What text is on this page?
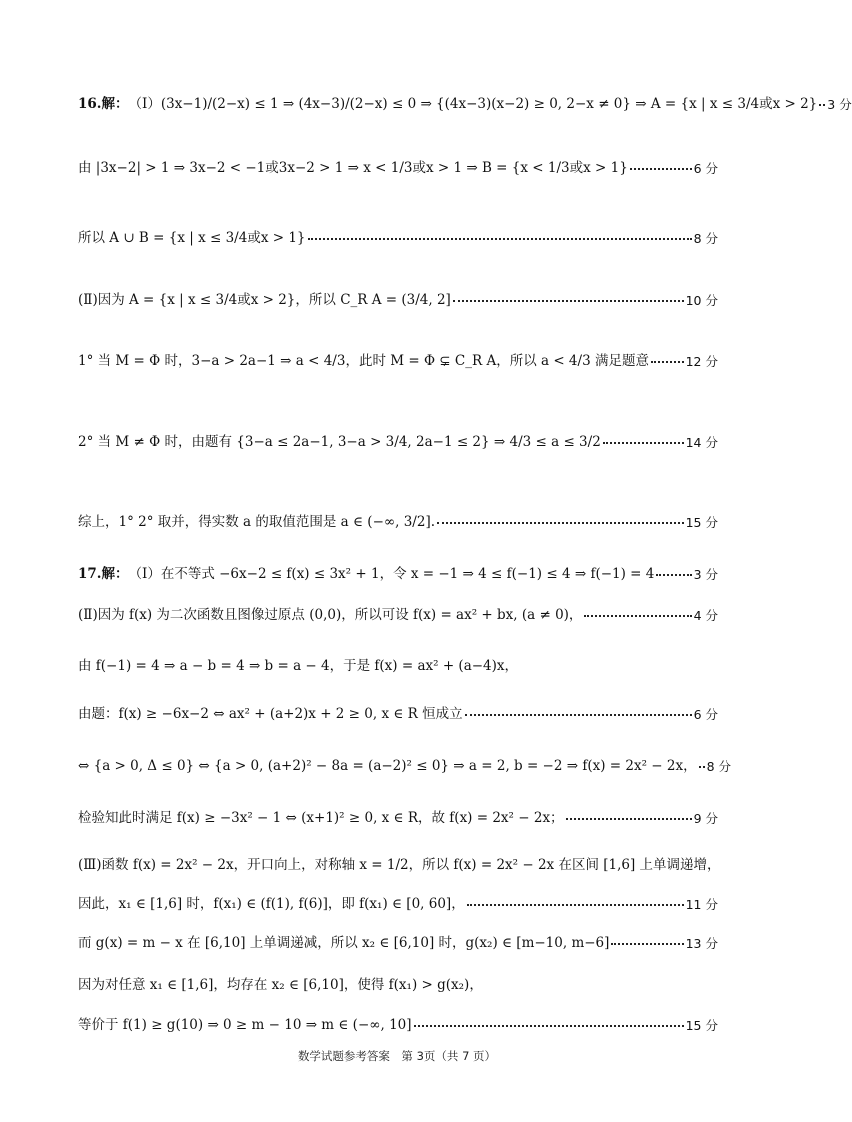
16.解： （Ⅰ）(3x−1)/(2−x) ≤ 1 ⇒ (4x−3)/(2−x) ≤ 0 ⇒ {(4x−3)(x−2) ≥ 0, 2−x ≠ 0} ⇒ A = {x | x ≤ 3/4或x > 2} 3 分
由 |3x−2| > 1 ⇒ 3x−2 < −1或3x−2 > 1 ⇒ x < 1/3或x > 1 ⇒ B = {x < 1/3或x > 1}	6 分
所以 A ∪ B = {x | x ≤ 3/4或x > 1}	8 分
(Ⅱ)因为 A = {x | x ≤ 3/4或x > 2}，所以 C_R A = (3/4, 2]	10 分
1° 当 M = Φ 时，3−a > 2a−1 ⇒ a < 4/3，此时 M = Φ ⊊ C_R A，所以 a < 4/3 满足题意	12 分
2° 当 M ≠ Φ 时，由题有 {3−a ≤ 2a−1, 3−a > 3/4, 2a−1 ≤ 2} ⇒ 4/3 ≤ a ≤ 3/2	14 分
综上，1° 2° 取并，得实数 a 的取值范围是 a ∈ (−∞, 3/2].	15 分
17.解： （Ⅰ）在不等式 −6x−2 ≤ f(x) ≤ 3x² + 1，令 x = −1 ⇒ 4 ≤ f(−1) ≤ 4 ⇒ f(−1) = 4	3 分
(Ⅱ)因为 f(x) 为二次函数且图像过原点 (0,0)，所以可设 f(x) = ax² + bx, (a ≠ 0)，	4 分
由 f(−1) = 4 ⇒ a − b = 4 ⇒ b = a − 4，于是 f(x) = ax² + (a−4)x，
由题：f(x) ≥ −6x−2 ⇔ ax² + (a+2)x + 2 ≥ 0, x ∈ R 恒成立	6 分
⇔ {a > 0, Δ ≤ 0} ⇔ {a > 0, (a+2)² − 8a = (a−2)² ≤ 0} ⇒ a = 2, b = −2 ⇒ f(x) = 2x² − 2x， 8 分
检验知此时满足 f(x) ≥ −3x² − 1 ⇔ (x+1)² ≥ 0, x ∈ R，故 f(x) = 2x² − 2x；	9 分
(Ⅲ)函数 f(x) = 2x² − 2x，开口向上，对称轴 x = 1/2，所以 f(x) = 2x² − 2x 在区间 [1,6] 上单调递增，
因此，x₁ ∈ [1,6] 时，f(x₁) ∈ (f(1), f(6)]，即 f(x₁) ∈ [0, 60]，	11 分
而 g(x) = m − x 在 [6,10] 上单调递减，所以 x₂ ∈ [6,10] 时，g(x₂) ∈ [m−10, m−6]	13 分
因为对任意 x₁ ∈ [1,6]，均存在 x₂ ∈ [6,10]，使得 f(x₁) > g(x₂)，
等价于 f(1) ≥ g(10) ⇒ 0 ≥ m − 10 ⇒ m ∈ (−∞, 10]	15 分
数学试题参考答案　第 3页（共 7 页）
